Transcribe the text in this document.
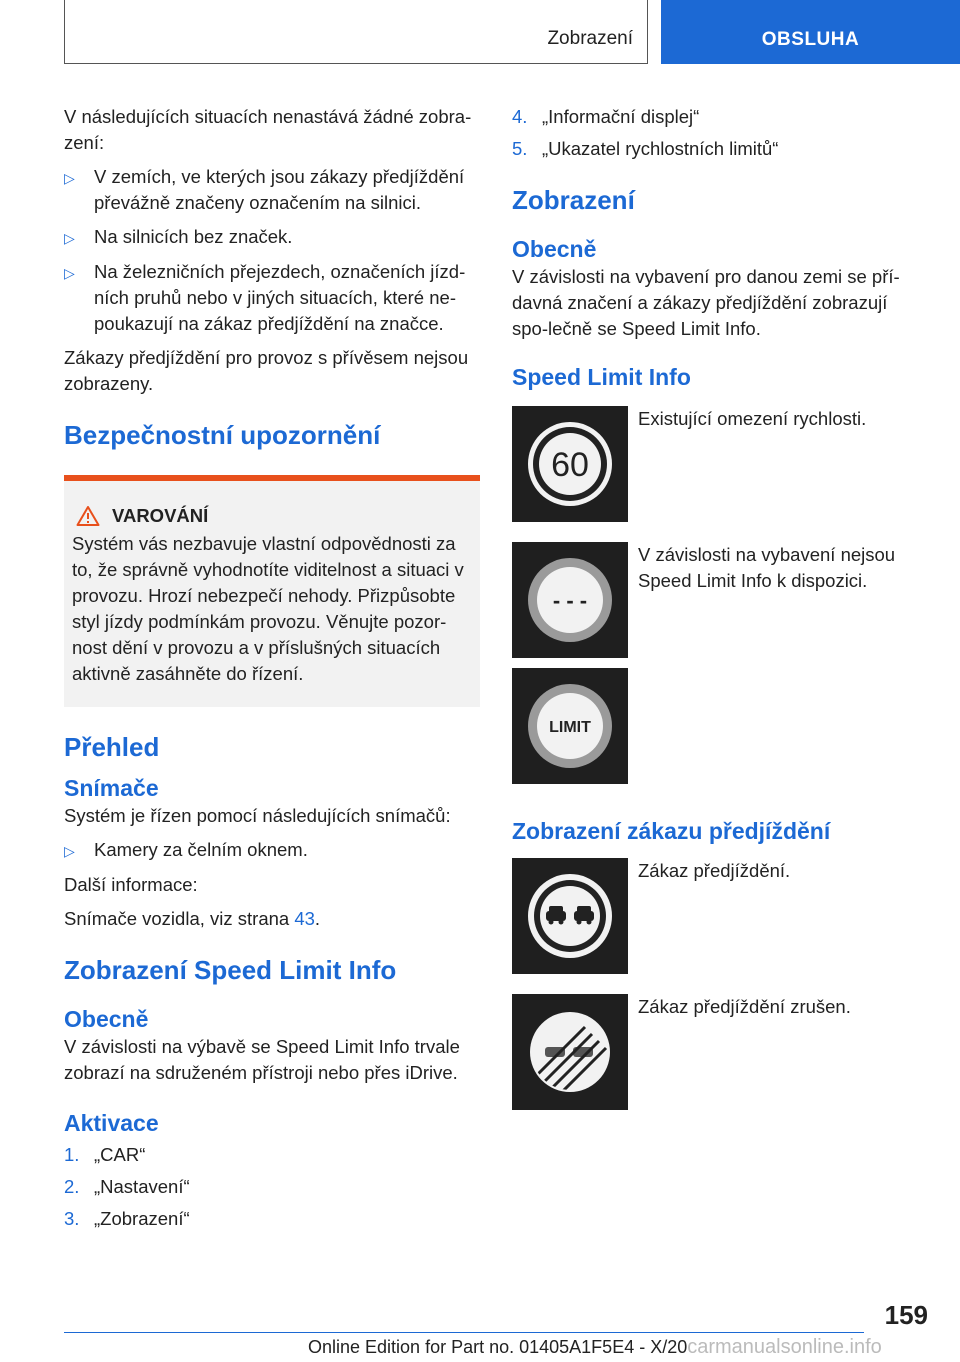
Zobrazení	OBSLUHA

V následujících situacích nenastává žádné zobra-zení:

▷	V zemích, ve kterých jsou zákazy předjíždění převážně značeny označením na silnici.
▷	Na silnicích bez značek.
▷	Na železničních přejezdech, označeních jízd-ních pruhů nebo v jiných situacích, které ne-poukazují na zákaz předjíždění na značce.

Zákazy předjíždění pro provoz s přívěsem nejsou zobrazeny.

Bezpečnostní upozornění
VAROVÁNÍ
Systém vás nezbavuje vlastní odpovědnosti za to, že správně vyhodnotíte viditelnost a situaci v provozu. Hrozí nebezpečí nehody. Přizpůsobte styl jízdy podmínkám provozu. Věnujte pozor-nost dění v provozu a v příslušných situacích aktivně zasáhněte do řízení.
Přehled
Snímače

Systém je řízen pomocí následujících snímačů:

▷	Kamery za čelním oknem.

Další informace:

Snímače vozidla, viz strana 43.

Zobrazení Speed Limit Info
Obecně

V závislosti na výbavě se Speed Limit Info trvale zobrazí na sdruženém přístroji nebo přes iDrive.

Aktivace
1. „CAR“
2. „Nastavení“
3. „Zobrazení“
4. „Informační displej“
5. „Ukazatel rychlostních limitů“
Zobrazení
Obecně

V závislosti na vybavení pro danou zemi se pří-davná značení a zákazy předjíždění zobrazují spo-lečně se Speed Limit Info.

Speed Limit Info
60
Existující omezení rychlosti.
- - -
V závislosti na vybavení nejsou Speed Limit Info k dispozici.
LIMIT
Zobrazení zákazu předjíždění
Zákaz předjíždění.
Zákaz předjíždění zrušen.
159
Online Edition for Part no. 01405A1F5E4 - X/20carmanualsonline.info
